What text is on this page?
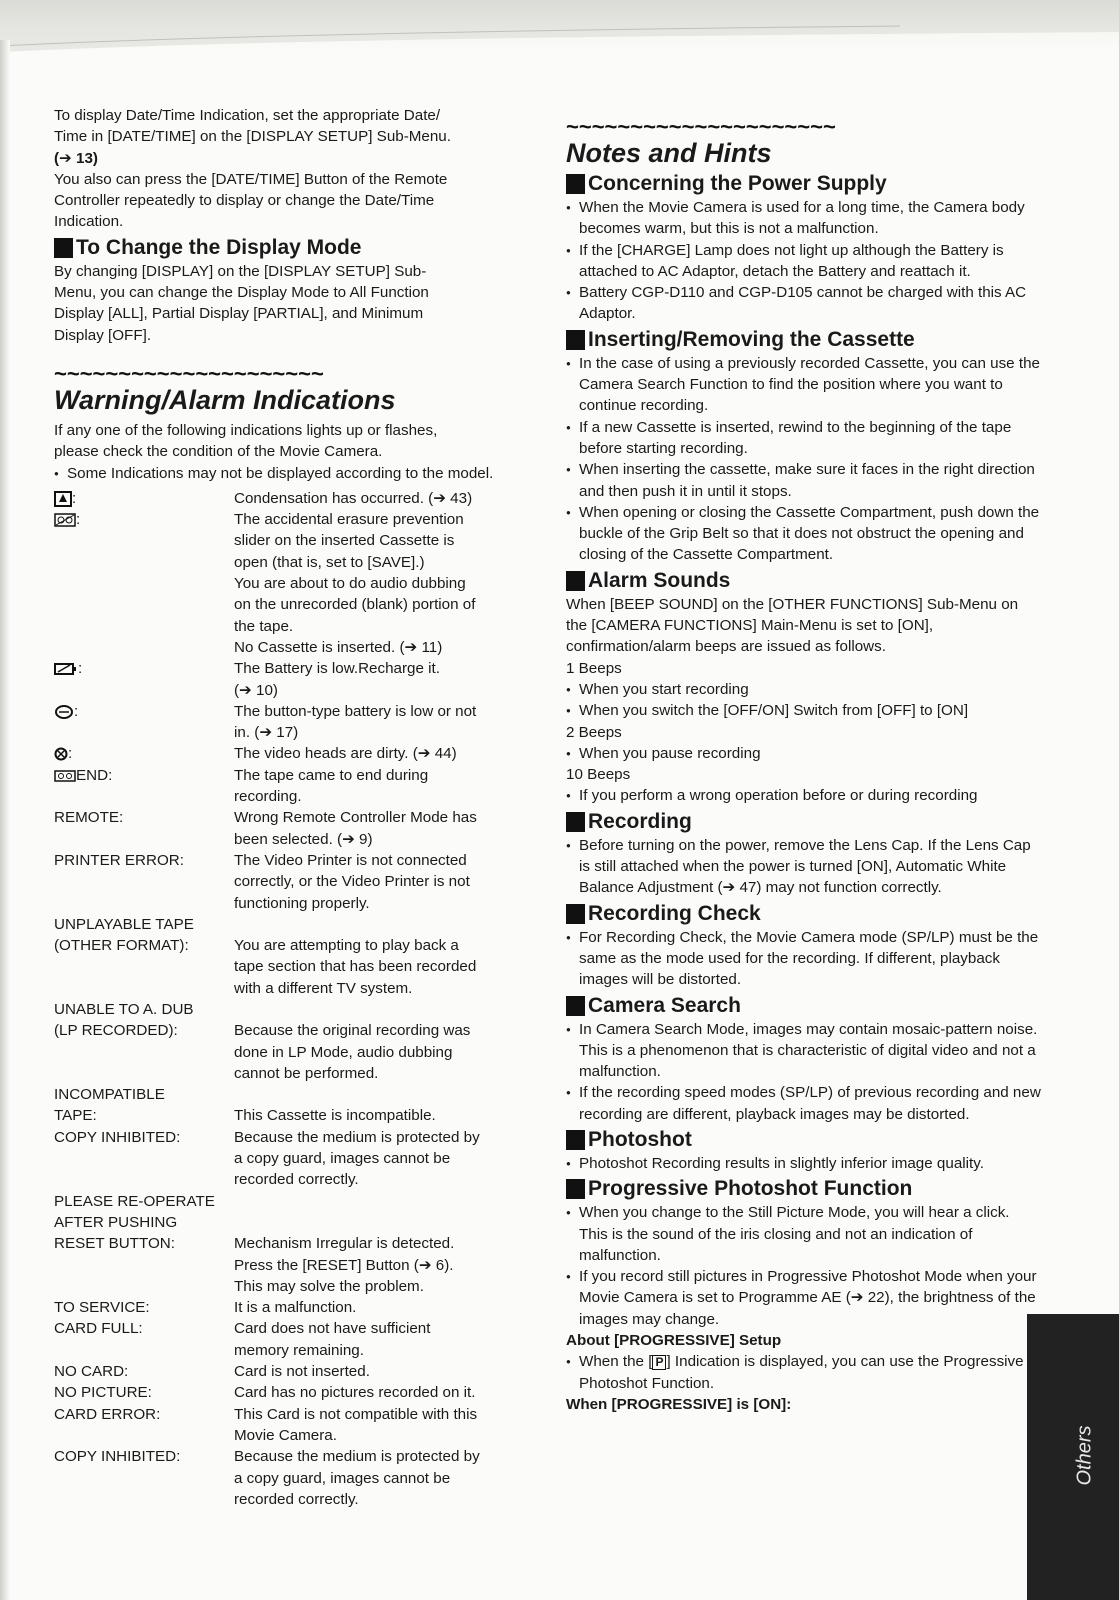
To display Date/Time Indication, set the appropriate Date/

Time in [DATE/TIME] on the [DISPLAY SETUP] Sub-Menu.

(➔ 13)

You also can press the [DATE/TIME] Button of the Remote

Controller repeatedly to display or change the Date/Time

Indication.

To Change the Display Mode

By changing [DISPLAY] on the [DISPLAY SETUP] Sub-

Menu, you can change the Display Mode to All Function

Display [ALL], Partial Display [PARTIAL], and Minimum

Display [OFF].

~~~~~~~~~~~~~~~~~~~~~
Warning/Alarm Indications

If any one of the following indications lights up or flashes,

please check the condition of the Movie Camera.

● Some Indications may not be displayed according to the model.
:	Condensation has occurred. (➔ 43)
:	The accidental erasure prevention
slider on the inserted Cassette is
open (that is, set to [SAVE].)
You are about to do audio dubbing
on the unrecorded (blank) portion of
the tape.
No Cassette is inserted. (➔ 11)
:	The Battery is low.Recharge it.
(➔ 10)
:	The button-type battery is low or not
in. (➔ 17)
:	The video heads are dirty. (➔ 44)
END:	The tape came to end during
recording.
REMOTE:	Wrong Remote Controller Mode has
been selected. (➔ 9)
PRINTER ERROR:	The Video Printer is not connected
correctly, or the Video Printer is not
functioning properly.
UNPLAYABLE TAPE

(OTHER FORMAT):	You are attempting to play back a
tape section that has been recorded
with a different TV system.
UNABLE TO A. DUB

(LP RECORDED):	Because the original recording was
done in LP Mode, audio dubbing
cannot be performed.
INCOMPATIBLE

TAPE:	This Cassette is incompatible.
COPY INHIBITED:	Because the medium is protected by
a copy guard, images cannot be
recorded correctly.
PLEASE RE-OPERATE

AFTER PUSHING

RESET BUTTON:	Mechanism Irregular is detected.
Press the [RESET] Button (➔ 6).
This may solve the problem.
TO SERVICE:	It is a malfunction.
CARD FULL:	Card does not have sufficient
memory remaining.
NO CARD:	Card is not inserted.
NO PICTURE:	Card has no pictures recorded on it.
CARD ERROR:	This Card is not compatible with this
Movie Camera.
COPY INHIBITED:	Because the medium is protected by
a copy guard, images cannot be
recorded correctly.
~~~~~~~~~~~~~~~~~~~~~
Notes and Hints
Concerning the Power Supply
● When the Movie Camera is used for a long time, the Camera body becomes warm, but this is not a malfunction.
● If the [CHARGE] Lamp does not light up although the Battery is attached to AC Adaptor, detach the Battery and reattach it.
● Battery CGP-D110 and CGP-D105 cannot be charged with this AC Adaptor.
Inserting/Removing the Cassette
● In the case of using a previously recorded Cassette, you can use the Camera Search Function to find the position where you want to continue recording.
● If a new Cassette is inserted, rewind to the beginning of the tape before starting recording.
● When inserting the cassette, make sure it faces in the right direction and then push it in until it stops.
● When opening or closing the Cassette Compartment, push down the buckle of the Grip Belt so that it does not obstruct the opening and closing of the Cassette Compartment.
Alarm Sounds

When [BEEP SOUND] on the [OTHER FUNCTIONS] Sub-Menu on the [CAMERA FUNCTIONS] Main-Menu is set to [ON], confirmation/alarm beeps are issued as follows.

1 Beeps

● When you start recording
● When you switch the [OFF/ON] Switch from [OFF] to [ON]

2 Beeps

● When you pause recording

10 Beeps

● If you perform a wrong operation before or during recording
Recording
● Before turning on the power, remove the Lens Cap. If the Lens Cap is still attached when the power is turned [ON], Automatic White Balance Adjustment (➔ 47) may not function correctly.
Recording Check
● For Recording Check, the Movie Camera mode (SP/LP) must be the same as the mode used for the recording. If different, playback images will be distorted.
Camera Search
● In Camera Search Mode, images may contain mosaic-pattern noise. This is a phenomenon that is characteristic of digital video and not a malfunction.
● If the recording speed modes (SP/LP) of previous recording and new recording are different, playback images may be distorted.
Photoshot
● Photoshot Recording results in slightly inferior image quality.
Progressive Photoshot Function
● When you change to the Still Picture Mode, you will hear a click. This is the sound of the iris closing and not an indication of malfunction.
● If you record still pictures in Progressive Photoshot Mode when your Movie Camera is set to Programme AE (➔ 22), the brightness of the images may change.
About [PROGRESSIVE] Setup
● When the [ P ] Indication is displayed, you can use the Progressive Photoshot Function.
When [PROGRESSIVE] is [ON]:
Others
